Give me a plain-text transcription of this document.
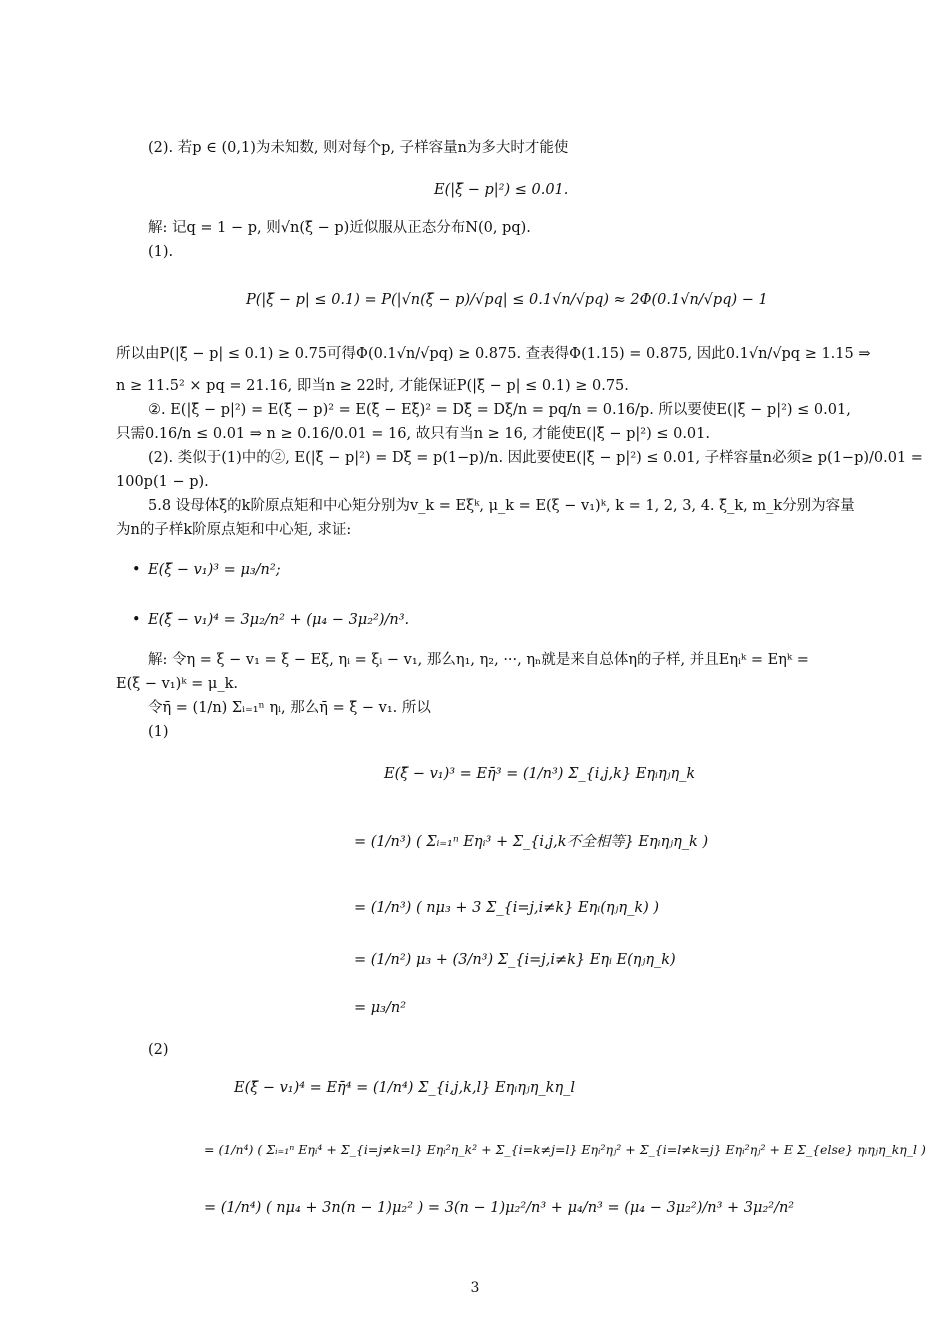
(2). 若p ∈ (0,1)为未知数, 则对每个p, 子样容量n为多大时才能使
E(|ξ̄ − p|²) ≤ 0.01.
解: 记q = 1 − p, 则√n(ξ̄ − p)近似服从正态分布N(0, pq).
(1).
P(|ξ̄ − p| ≤ 0.1) = P(|√n(ξ̄ − p)/√pq| ≤ 0.1√n/√pq) ≈ 2Φ(0.1√n/√pq) − 1
所以由P(|ξ̄ − p| ≤ 0.1) ≥ 0.75可得Φ(0.1√n/√pq) ≥ 0.875. 查表得Φ(1.15) = 0.875, 因此0.1√n/√pq ≥ 1.15 ⇒
n ≥ 11.5² × pq = 21.16, 即当n ≥ 22时, 才能保证P(|ξ̄ − p| ≤ 0.1) ≥ 0.75.
②. E(|ξ̄ − p|²) = E(ξ̄ − p)² = E(ξ̄ − Eξ̄)² = Dξ̄ = Dξ/n = pq/n = 0.16/p. 所以要使E(|ξ̄ − p|²) ≤ 0.01,
只需0.16/n ≤ 0.01 ⇒ n ≥ 0.16/0.01 = 16, 故只有当n ≥ 16, 才能使E(|ξ̄ − p|²) ≤ 0.01.
(2). 类似于(1)中的②, E(|ξ̄ − p|²) = Dξ̄ = p(1−p)/n. 因此要使E(|ξ̄ − p|²) ≤ 0.01, 子样容量n必须≥ p(1−p)/0.01 =
100p(1 − p).
5.8 设母体ξ的k阶原点矩和中心矩分别为v_k = Eξᵏ, μ_k = E(ξ − v₁)ᵏ, k = 1, 2, 3, 4. ξ̄_k, m_k分别为容量
为n的子样k阶原点矩和中心矩, 求证:
• E(ξ̄ − v₁)³ = μ₃/n²;
• E(ξ̄ − v₁)⁴ = 3μ₂/n² + (μ₄ − 3μ₂²)/n³.
解: 令η = ξ − v₁ = ξ − Eξ, ηᵢ = ξᵢ − v₁, 那么η₁, η₂, ···, ηₙ就是来自总体η的子样, 并且Eηᵢᵏ = Eηᵏ =
E(ξ − v₁)ᵏ = μ_k.
令η̄ = (1/n) Σᵢ₌₁ⁿ ηᵢ, 那么η̄ = ξ̄ − v₁. 所以
(1)
E(ξ̄ − v₁)³ = Eη̄³ = (1/n³) Σ_{i,j,k} Eηᵢηⱼη_k
= (1/n³) ( Σᵢ₌₁ⁿ Eηᵢ³ + Σ_{i,j,k不全相等} Eηᵢηⱼη_k )
= (1/n³) ( nμ₃ + 3 Σ_{i=j,i≠k} Eηᵢ(ηⱼη_k) )
= (1/n²) μ₃ + (3/n³) Σ_{i=j,i≠k} Eηᵢ E(ηⱼη_k)
= μ₃/n²
(2)
E(ξ̄ − v₁)⁴ = Eη̄⁴ = (1/n⁴) Σ_{i,j,k,l} Eηᵢηⱼη_kη_l
= (1/n⁴) ( Σᵢ₌₁ⁿ Eηᵢ⁴ + Σ_{i=j≠k=l} Eηᵢ²η_k² + Σ_{i=k≠j=l} Eηᵢ²ηⱼ² + Σ_{i=l≠k=j} Eηᵢ²ηⱼ² + E Σ_{else} ηᵢηⱼη_kη_l )
= (1/n⁴) ( nμ₄ + 3n(n − 1)μ₂² ) = 3(n − 1)μ₂²/n³ + μ₄/n³ = (μ₄ − 3μ₂²)/n³ + 3μ₂²/n²
3
